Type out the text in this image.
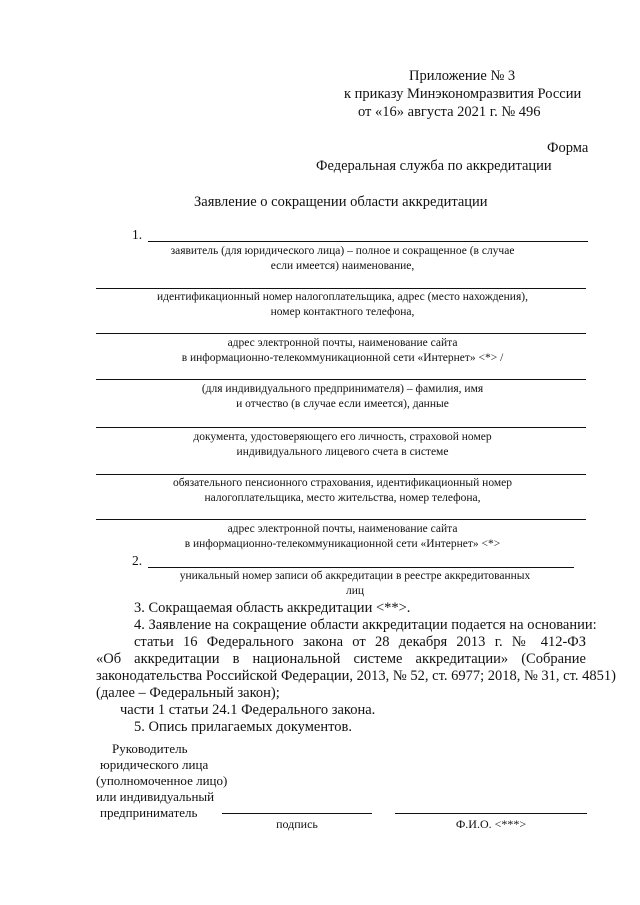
Приложение № 3
к приказу Минэкономразвития России
от «16» августа 2021 г. № 496
Форма
Федеральная служба по аккредитации
Заявление о сокращении области аккредитации
1.
заявитель (для юридического лица) – полное и сокращенное (в случае
если имеется) наименование,
идентификационный номер налогоплательщика, адрес (место нахождения),
номер контактного телефона,
адрес электронной почты, наименование сайта
в информационно-телекоммуникационной сети «Интернет» <*> /
(для индивидуального предпринимателя) – фамилия, имя
и отчество (в случае если имеется), данные
документа, удостоверяющего его личность, страховой номер
индивидуального лицевого счета в системе
обязательного пенсионного страхования, идентификационный номер
налогоплательщика, место жительства, номер телефона,
адрес электронной почты, наименование сайта
в информационно-телекоммуникационной сети «Интернет» <*>
2.
уникальный номер записи об аккредитации в реестре аккредитованных
лиц
3. Сокращаемая область аккредитации <**>.
4. Заявление на сокращение области аккредитации подается на основании:
статьи 16 Федерального закона от 28 декабря 2013 г. № 412-ФЗ
«Об аккредитации в национальной системе аккредитации» (Собрание
законодательства Российской Федерации, 2013, № 52, ст. 6977; 2018, № 31, ст. 4851)
(далее – Федеральный закон);
части 1 статьи 24.1 Федерального закона.
5. Опись прилагаемых документов.
Руководитель
юридического лица
(уполномоченное лицо)
или индивидуальный
предприниматель
подпись	Ф.И.О. <***>
